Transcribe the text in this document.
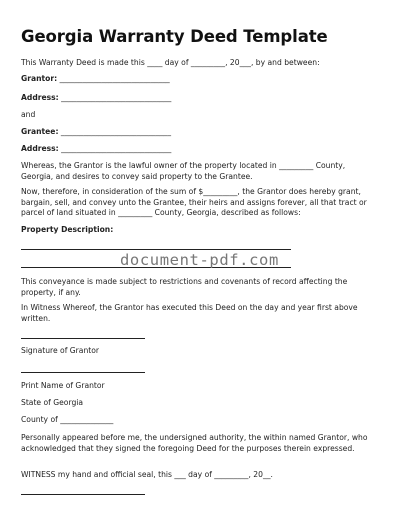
Georgia Warranty Deed Template
This Warranty Deed is made this ____ day of _________, 20___, by and between:
Grantor: _____________________________
Address: _____________________________
and
Grantee: _____________________________
Address: _____________________________
Whereas, the Grantor is the lawful owner of the property located in _________ County, Georgia, and desires to convey said property to the Grantee.
Now, therefore, in consideration of the sum of $_________, the Grantor does hereby grant, bargain, sell, and convey unto the Grantee, their heirs and assigns forever, all that tract or parcel of land situated in _________ County, Georgia, described as follows:
Property Description:
document-pdf.com
This conveyance is made subject to restrictions and covenants of record affecting the property, if any.
In Witness Whereof, the Grantor has executed this Deed on the day and year first above written.
Signature of Grantor
Print Name of Grantor
State of Georgia
County of ______________
Personally appeared before me, the undersigned authority, the within named Grantor, who acknowledged that they signed the foregoing Deed for the purposes therein expressed.
WITNESS my hand and official seal, this ___ day of _________, 20__.
